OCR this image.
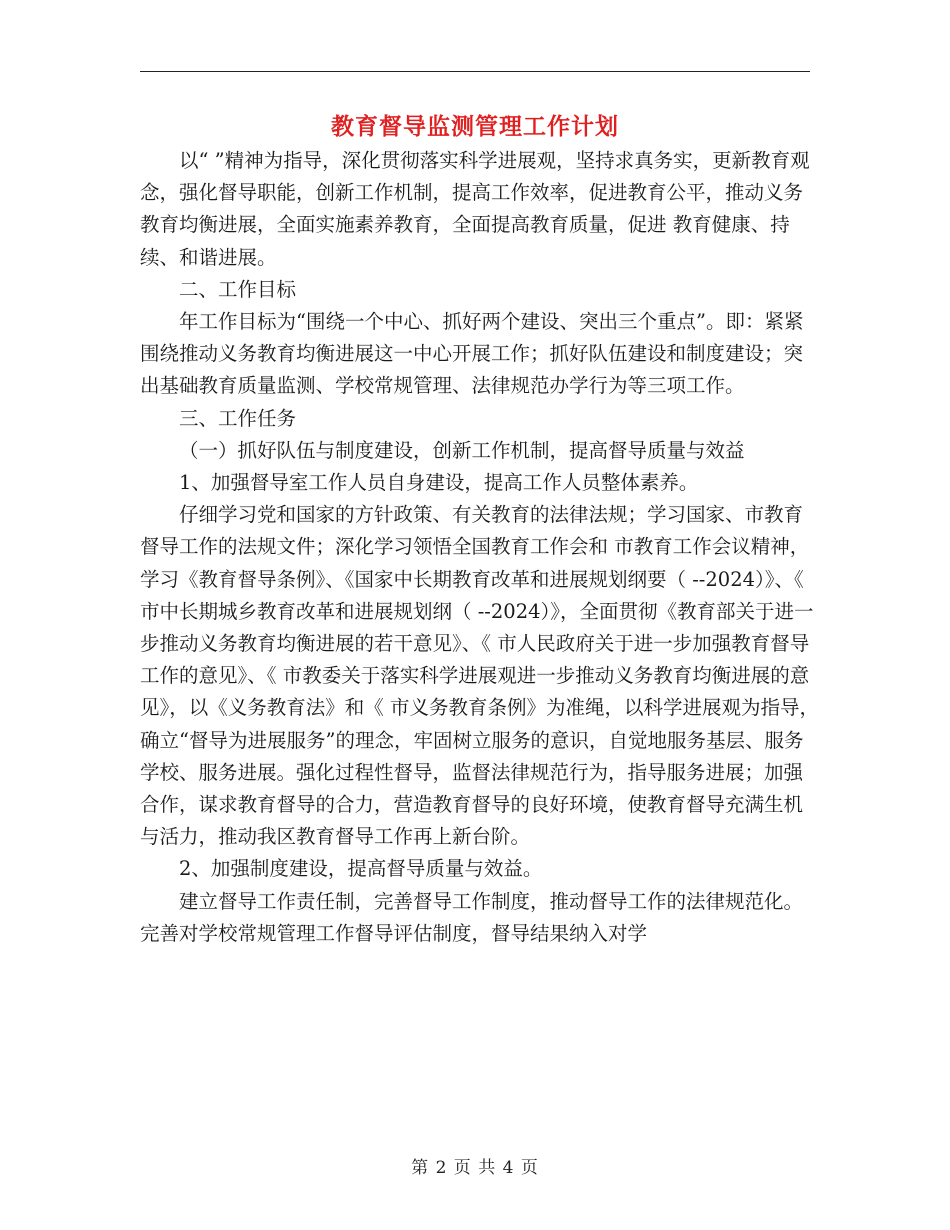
教育督导监测管理工作计划

以“ ”精神为指导，深化贯彻落实科学进展观，坚持求真务实，更新教育观念，强化督导职能，创新工作机制，提高工作效率，促进教育公平，推动义务教育均衡进展，全面实施素养教育，全面提高教育质量，促进 教育健康、持续、和谐进展。

二、工作目标

年工作目标为“围绕一个中心、抓好两个建设、突出三个重点”。即：紧紧围绕推动义务教育均衡进展这一中心开展工作；抓好队伍建设和制度建设；突出基础教育质量监测、学校常规管理、法律规范办学行为等三项工作。

三、工作任务

（一）抓好队伍与制度建设，创新工作机制，提高督导质量与效益

1、加强督导室工作人员自身建设，提高工作人员整体素养。

仔细学习党和国家的方针政策、有关教育的法律法规；学习国家、市教育督导工作的法规文件；深化学习领悟全国教育工作会和 市教育工作会议精神，学习《教育督导条例》、《国家中长期教育改革和进展规划纲要（ --2024）》、《 市中长期城乡教育改革和进展规划纲（ --2024）》，全面贯彻《教育部关于进一步推动义务教育均衡进展的若干意见》、《 市人民政府关于进一步加强教育督导工作的意见》、《 市教委关于落实科学进展观进一步推动义务教育均衡进展的意见》，以《义务教育法》和《 市义务教育条例》为准绳，以科学进展观为指导，确立“督导为进展服务”的理念，牢固树立服务的意识，自觉地服务基层、服务学校、服务进展。强化过程性督导，监督法律规范行为，指导服务进展；加强合作，谋求教育督导的合力，营造教育督导的良好环境，使教育督导充满生机与活力，推动我区教育督导工作再上新台阶。

2、加强制度建设，提高督导质量与效益。

建立督导工作责任制，完善督导工作制度，推动督导工作的法律规范化。完善对学校常规管理工作督导评估制度，督导结果纳入对学

第 2 页 共 4 页
